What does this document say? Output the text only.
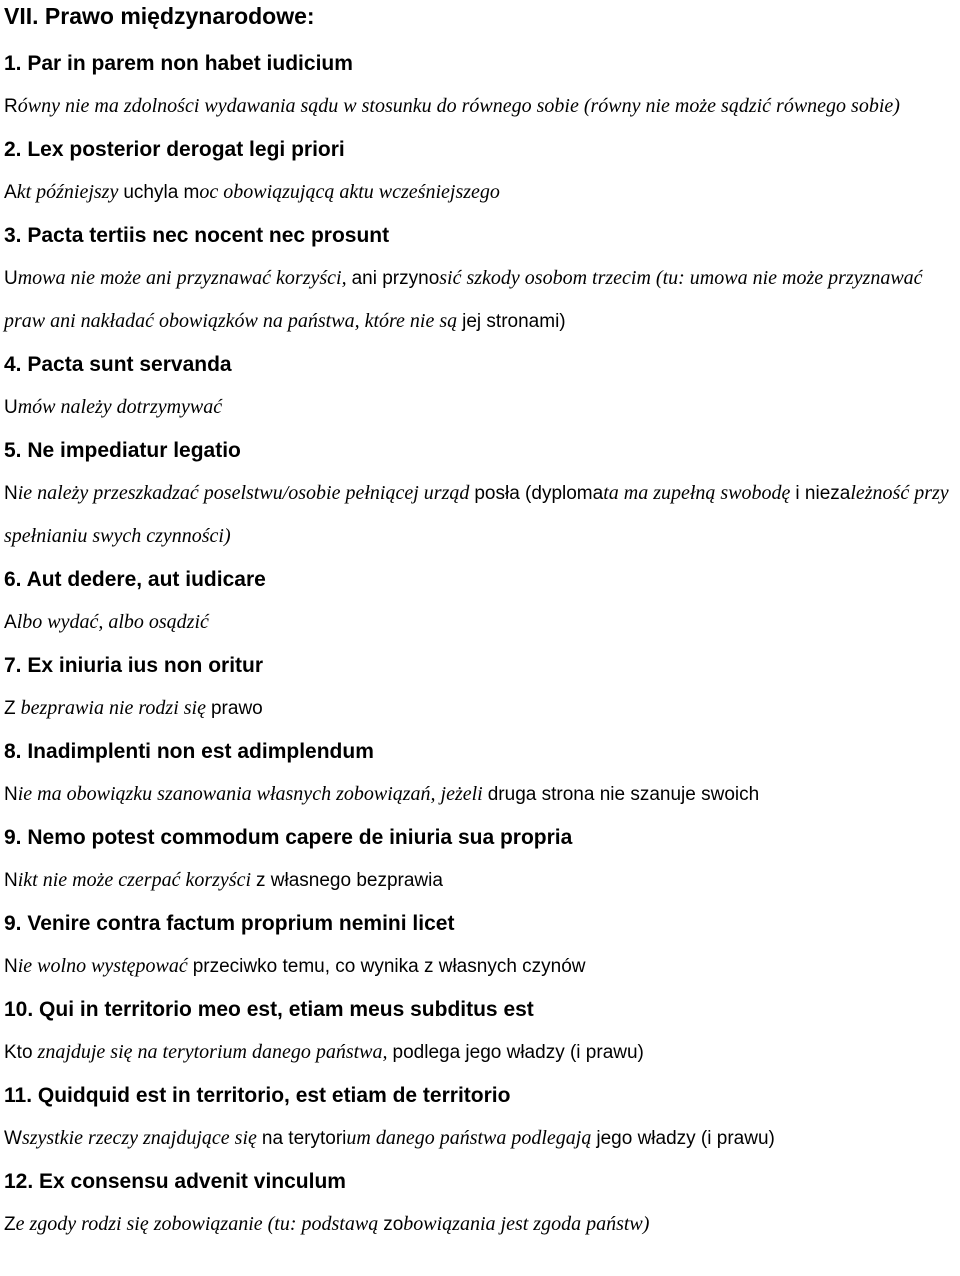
VII. Prawo międzynarodowe:
1. Par in parem non habet iudicium
Równy nie ma zdolności wydawania sądu w stosunku do równego sobie (równy nie może sądzić równego sobie)
2. Lex posterior derogat legi priori
Akt późniejszy uchyla moc obowiązującą aktu wcześniejszego
3. Pacta tertiis nec nocent nec prosunt
Umowa nie może ani przyznawać korzyści, ani przynosić szkody osobom trzecim (tu: umowa nie może przyznawać praw ani nakładać obowiązków na państwa, które nie są jej stronami)
4. Pacta sunt servanda
Umów należy dotrzymywać
5. Ne impediatur legatio
Nie należy przeszkadzać poselstwu/osobie pełniącej urząd posła (dyplomata ma zupełną swobodę i niezależność przy spełnianiu swych czynności)
6. Aut dedere, aut iudicare
Albo wydać, albo osądzić
7. Ex iniuria ius non oritur
Z bezprawia nie rodzi się prawo
8. Inadimplenti non est adimplendum
Nie ma obowiązku szanowania własnych zobowiązań, jeżeli druga strona nie szanuje swoich
9. Nemo potest commodum capere de iniuria sua propria
Nikt nie może czerpać korzyści z własnego bezprawia
9. Venire contra factum proprium nemini licet
Nie wolno występować przeciwko temu, co wynika z własnych czynów
10. Qui in territorio meo est, etiam meus subditus est
Kto znajduje się na terytorium danego państwa, podlega jego władzy (i prawu)
11. Quidquid est in territorio, est etiam de territorio
Wszystkie rzeczy znajdujące się na terytorium danego państwa podlegają jego władzy (i prawu)
12. Ex consensu advenit vinculum
Ze zgody rodzi się zobowiązanie (tu: podstawą zobowiązania jest zgoda państw)
